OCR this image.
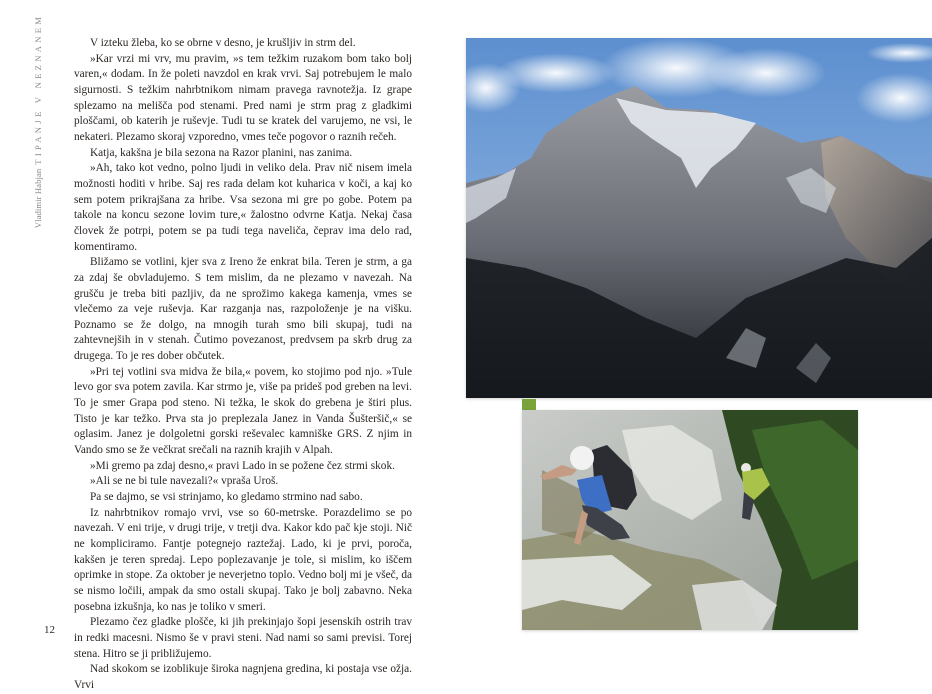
Vladimir HabjanTIPANJE V NEZNANEM	V izteku žleba, ko se obrne v desno, je krušljiv in strm del.

»Kar vrzi mi vrv, mu pravim, »s tem težkim ruzakom bom tako bolj varen,« dodam. In že poleti navzdol en krak vrvi. Saj potrebujem le malo sigurnosti. S težkim nahrbtnikom nimam pravega ravnotežja. Iz grape splezamo na melišča pod stenami. Pred nami je strm prag z gladkimi ploščami, ob katerih je ruševje. Tudi tu se kratek del varujemo, ne vsi, le nekateri. Plezamo skoraj vzporedno, vmes teče pogovor o raznih rečeh.

Katja, kakšna je bila sezona na Razor planini, nas zanima.

»Ah, tako kot vedno, polno ljudi in veliko dela. Prav nič nisem imela možnosti hoditi v hribe. Saj res rada delam kot kuharica v koči, a kaj ko sem potem prikrajšana za hribe. Vsa sezona mi gre po gobe. Potem pa takole na koncu sezone lovim ture,« žalostno odvrne Katja. Nekaj časa človek že potrpi, potem se pa tudi tega naveliča, čeprav ima delo rad, komentiramo.

Bližamo se votlini, kjer sva z Ireno že enkrat bila. Teren je strm, a ga za zdaj še obvladujemo. S tem mislim, da ne plezamo v navezah. Na grušču je treba biti pazljiv, da ne sprožimo kakega kamenja, vmes se vlečemo za veje ruševja. Kar razganja nas, razpoloženje je na višku. Poznamo se že dolgo, na mnogih turah smo bili skupaj, tudi na zahtevnejših in v stenah. Čutimo povezanost, predvsem pa skrb drug za drugega. To je res dober občutek.

»Pri tej votlini sva midva že bila,« povem, ko stojimo pod njo. »Tule levo gor sva potem zavila. Kar strmo je, više pa prideš pod greben na levi. To je smer Grapa pod steno. Ni težka, le skok do grebena je štiri plus. Tisto je kar težko. Prva sta jo preplezala Janez in Vanda Šušteršič,« se oglasim. Janez je dolgoletni gorski reševalec kamniške GRS. Z njim in Vando smo se že večkrat srečali na raznih krajih v Alpah.

»Mi gremo pa zdaj desno,« pravi Lado in se požene čez strmi skok.

»Ali se ne bi tule navezali?« vpraša Uroš.

Pa se dajmo, se vsi strinjamo, ko gledamo strmino nad sabo.

Iz nahrbtnikov romajo vrvi, vse so 60-metrske. Porazdelimo se po navezah. V eni trije, v drugi trije, v tretji dva. Kakor kdo pač kje stoji. Nič ne kompliciramo. Fantje potegnejo raztežaj. Lado, ki je prvi, poroča, kakšen je teren spredaj. Lepo poplezavanje je tole, si mislim, ko iščem oprimke in stope. Za oktober je neverjetno toplo. Vedno bolj mi je všeč, da se nismo ločili, ampak da smo ostali skupaj. Tako je bolj zabavno. Neka posebna izkušnja, ko nas je toliko v smeri.

Plezamo čez gladke plošče, ki jih prekinjajo šopi jesenskih ostrih trav in redki macesni. Nismo še v pravi steni. Nad nami so sami previsi. Torej stena. Hitro se ji približujemo.

Nad skokom se izoblikuje široka nagnjena gredina, ki postaja vse ožja. Vrvi

12
